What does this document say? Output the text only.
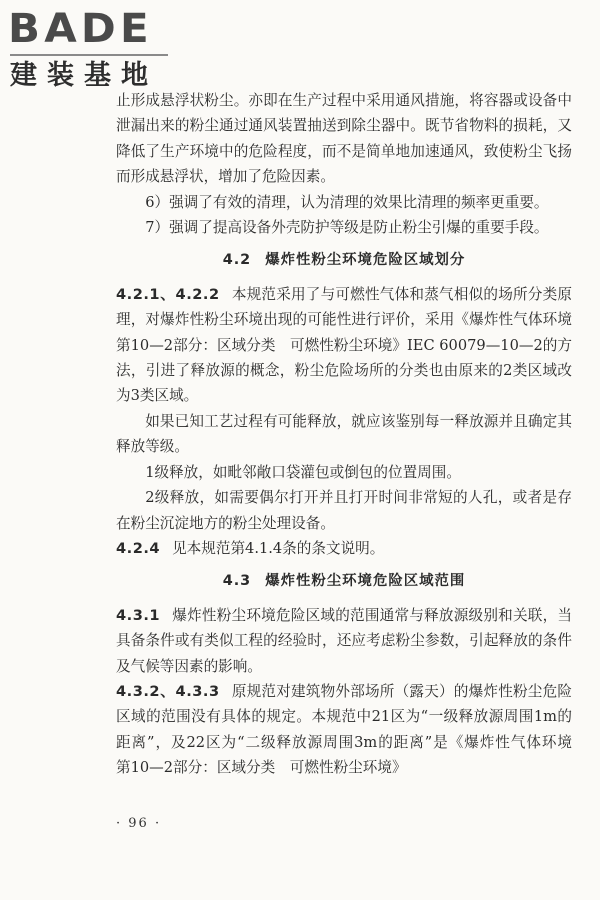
BADE
建装基地

止形成悬浮状粉尘。亦即在生产过程中采用通风措施，将容器或设备中泄漏出来的粉尘通过通风装置抽送到除尘器中。既节省物料的损耗，又降低了生产环境中的危险程度，而不是简单地加速通风，致使粉尘飞扬而形成悬浮状，增加了危险因素。

6）强调了有效的清理，认为清理的效果比清理的频率更重要。

7）强调了提高设备外壳防护等级是防止粉尘引爆的重要手段。

4.2 爆炸性粉尘环境危险区域划分

4.2.1、4.2.2 本规范采用了与可燃性气体和蒸气相似的场所分类原理，对爆炸性粉尘环境出现的可能性进行评价，采用《爆炸性气体环境　第10—2部分：区域分类　可燃性粉尘环境》IEC 60079—10—2的方法，引进了释放源的概念，粉尘危险场所的分类也由原来的2类区域改为3类区域。

如果已知工艺过程有可能释放，就应该鉴别每一释放源并且确定其释放等级。

1级释放，如毗邻敞口袋灌包或倒包的位置周围。

2级释放，如需要偶尔打开并且打开时间非常短的人孔，或者是存在粉尘沉淀地方的粉尘处理设备。

4.2.4 见本规范第4.1.4条的条文说明。

4.3 爆炸性粉尘环境危险区域范围

4.3.1 爆炸性粉尘环境危险区域的范围通常与释放源级别和关联，当具备条件或有类似工程的经验时，还应考虑粉尘参数，引起释放的条件及气候等因素的影响。

4.3.2、4.3.3 原规范对建筑物外部场所（露天）的爆炸性粉尘危险区域的范围没有具体的规定。本规范中21区为“一级释放源周围1m的距离”，及22区为“二级释放源周围3m的距离”是《爆炸性气体环境　第10—2部分：区域分类　可燃性粉尘环境》

· 96 ·
